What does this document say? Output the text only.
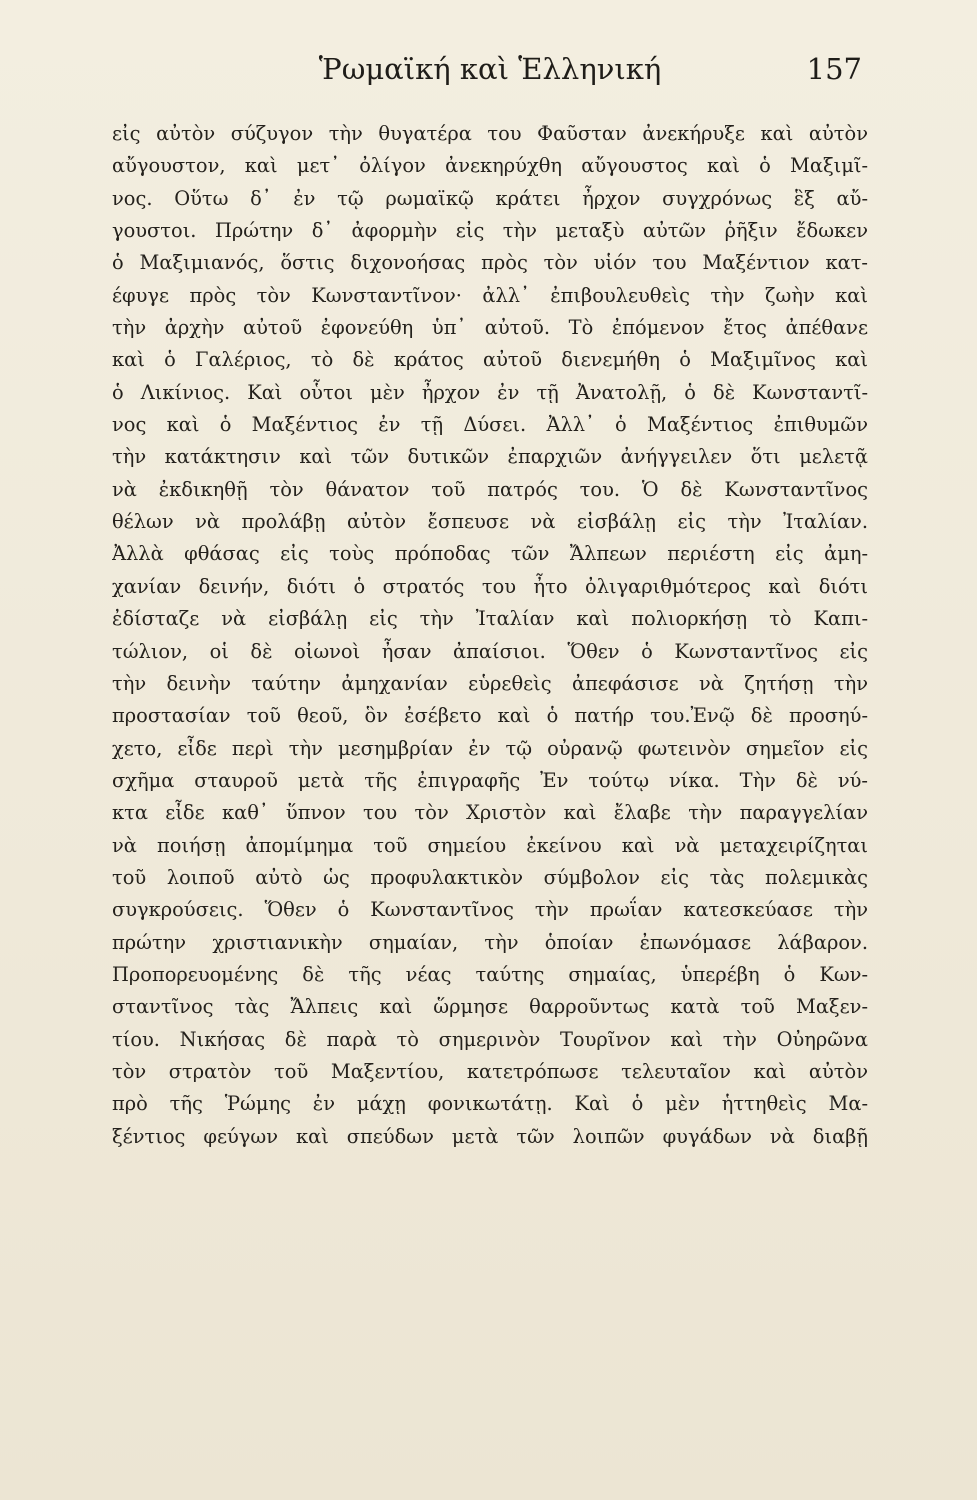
Ῥωμαϊκή καὶ Ἑλληνική	157
εἰς αὐτὸν σύζυγον τὴν θυγατέρα του Φαῦσταν ἀνεκήρυξε καὶ αὐτὸν
αὔγουστον, καὶ μετ᾽ ὀλίγον ἀνεκηρύχθη αὔγουστος καὶ ὁ Μαξιμῖ-
νος. Οὕτω δ᾽ ἐν τῷ ρωμαϊκῷ κράτει ἦρχον συγχρόνως ἓξ αὔ-
γουστοι. Πρώτην δ᾽ ἀφορμὴν εἰς τὴν μεταξὺ αὐτῶν ῥῆξιν ἔδωκεν
ὁ Μαξιμιανός, ὅστις διχονοήσας πρὸς τὸν υἱόν του Μαξέντιον κατ-
έφυγε πρὸς τὸν Κωνσταντῖνον· ἀλλ᾽ ἐπιβουλευθεὶς τὴν ζωὴν καὶ
τὴν ἀρχὴν αὐτοῦ ἐφονεύθη ὑπ᾽ αὐτοῦ. Τὸ ἐπόμενον ἔτος ἀπέθανε
καὶ ὁ Γαλέριος, τὸ δὲ κράτος αὐτοῦ διενεμήθη ὁ Μαξιμῖνος καὶ
ὁ Λικίνιος. Καὶ οὗτοι μὲν ἦρχον ἐν τῇ Ἀνατολῇ, ὁ δὲ Κωνσταντῖ-
νος καὶ ὁ Μαξέντιος ἐν τῇ Δύσει. Ἀλλ᾽ ὁ Μαξέντιος ἐπιθυμῶν
τὴν κατάκτησιν καὶ τῶν δυτικῶν ἐπαρχιῶν ἀνήγγειλεν ὅτι μελετᾷ
νὰ ἐκδικηθῇ τὸν θάνατον τοῦ πατρός του. Ὁ δὲ Κωνσταντῖνος
θέλων νὰ προλάβῃ αὐτὸν ἔσπευσε νὰ εἰσβάλῃ εἰς τὴν Ἰταλίαν.
Ἀλλὰ φθάσας εἰς τοὺς πρόποδας τῶν Ἄλπεων περιέστη εἰς ἀμη-
χανίαν δεινήν, διότι ὁ στρατός του ἦτο ὀλιγαριθμότερος καὶ διότι
ἐδίσταζε νὰ εἰσβάλῃ εἰς τὴν Ἰταλίαν καὶ πολιορκήσῃ τὸ Καπι-
τώλιον, οἱ δὲ οἰωνοὶ ἦσαν ἀπαίσιοι. Ὅθεν ὁ Κωνσταντῖνος εἰς
τὴν δεινὴν ταύτην ἀμηχανίαν εὑρεθεὶς ἀπεφάσισε νὰ ζητήσῃ τὴν
προστασίαν τοῦ θεοῦ, ὃν ἐσέβετο καὶ ὁ πατήρ του.Ἐνῷ δὲ προσηύ-
χετο, εἶδε περὶ τὴν μεσημβρίαν ἐν τῷ οὐρανῷ φωτεινὸν σημεῖον εἰς
σχῆμα σταυροῦ μετὰ τῆς ἐπιγραφῆς Ἐν τούτῳ νίκα. Τὴν δὲ νύ-
κτα εἶδε καθ᾽ ὕπνον του τὸν Χριστὸν καὶ ἔλαβε τὴν παραγγελίαν
νὰ ποιήσῃ ἀπομίμημα τοῦ σημείου ἐκείνου καὶ νὰ μεταχειρίζηται
τοῦ λοιποῦ αὐτὸ ὡς προφυλακτικὸν σύμβολον εἰς τὰς πολεμικὰς
συγκρούσεις. Ὅθεν ὁ Κωνσταντῖνος τὴν πρωΐαν κατεσκεύασε τὴν
πρώτην χριστιανικὴν σημαίαν, τὴν ὁποίαν ἐπωνόμασε λάβαρον.
Προπορευομένης δὲ τῆς νέας ταύτης σημαίας, ὑπερέβη ὁ Κων-
σταντῖνος τὰς Ἄλπεις καὶ ὥρμησε θαρροῦντως κατὰ τοῦ Μαξεν-
τίου. Νικήσας δὲ παρὰ τὸ σημερινὸν Τουρῖνον καὶ τὴν Οὐηρῶνα
τὸν στρατὸν τοῦ Μαξεντίου, κατετρόπωσε τελευταῖον καὶ αὐτὸν
πρὸ τῆς Ῥώμης ἐν μάχῃ φονικωτάτῃ. Καὶ ὁ μὲν ἡττηθεὶς Μα-
ξέντιος φεύγων καὶ σπεύδων μετὰ τῶν λοιπῶν φυγάδων νὰ διαβῇ
